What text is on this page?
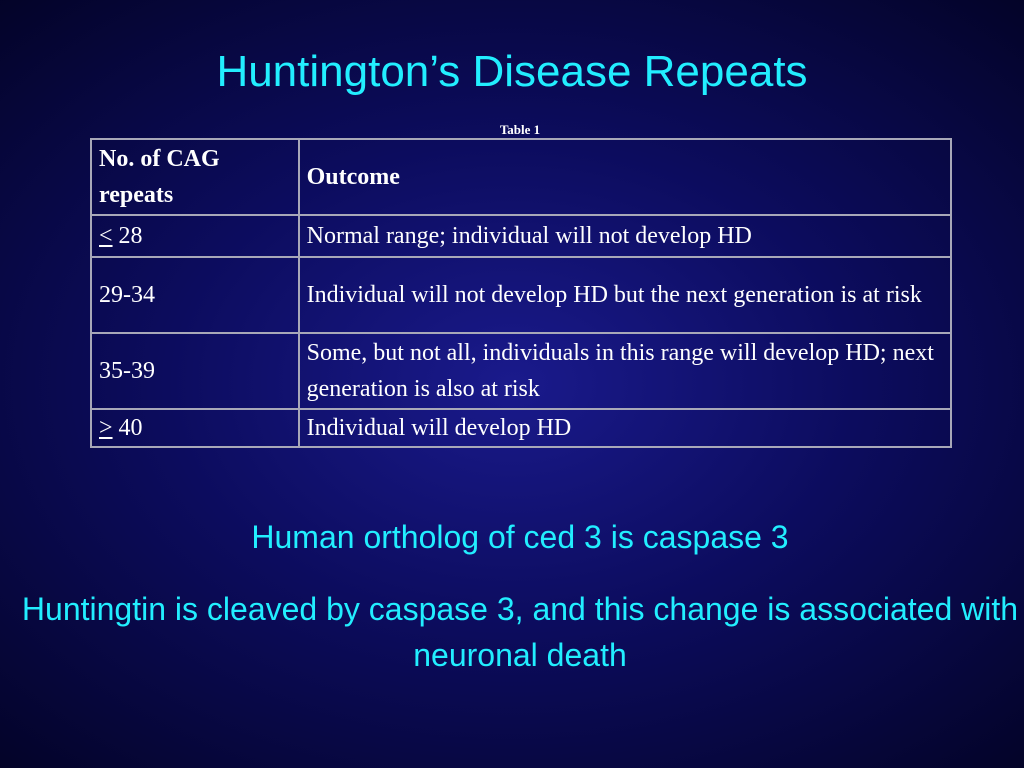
Huntington’s Disease Repeats
Table 1
No. of CAG repeats	Outcome
< 28	Normal range; individual will not develop HD
29-34	Individual will not develop HD but the next generation is at risk
35-39	Some, but not all, individuals in this range will develop HD; next generation is also at risk
> 40	Individual will develop HD

Human ortholog of ced 3 is caspase 3

Huntingtin is cleaved by caspase 3, and this change is associated with neuronal death
